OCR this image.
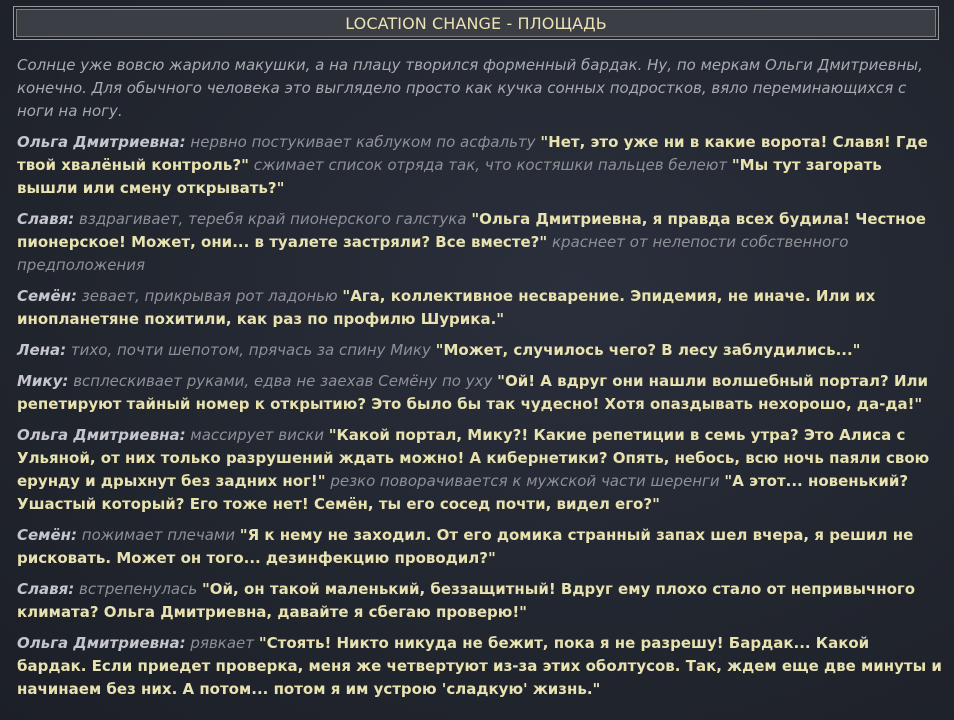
LOCATION CHANGE - ПЛОЩАДЬ

Солнце уже вовсю жарило макушки, а на плацу творился форменный бардак. Ну, по меркам Ольги Дмитриевны, конечно. Для обычного человека это выглядело просто как кучка сонных подростков, вяло переминающихся с ноги на ногу.

Ольга Дмитриевна: нервно постукивает каблуком по асфальту "Нет, это уже ни в какие ворота! Славя! Где твой хвалёный контроль?" сжимает список отряда так, что костяшки пальцев белеют "Мы тут загорать вышли или смену открывать?"

Славя: вздрагивает, теребя край пионерского галстука "Ольга Дмитриевна, я правда всех будила! Честное пионерское! Может, они... в туалете застряли? Все вместе?" краснеет от нелепости собственного предположения

Семён: зевает, прикрывая рот ладонью "Ага, коллективное несварение. Эпидемия, не иначе. Или их инопланетяне похитили, как раз по профилю Шурика."

Лена: тихо, почти шепотом, прячась за спину Мику "Может, случилось чего? В лесу заблудились..."

Мику: всплескивает руками, едва не заехав Семёну по уху "Ой! А вдруг они нашли волшебный портал? Или репетируют тайный номер к открытию? Это было бы так чудесно! Хотя опаздывать нехорошо, да-да!"

Ольга Дмитриевна: массирует виски "Какой портал, Мику?! Какие репетиции в семь утра? Это Алиса с Ульяной, от них только разрушений ждать можно! А кибернетики? Опять, небось, всю ночь паяли свою ерунду и дрыхнут без задних ног!" резко поворачивается к мужской части шеренги "А этот... новенький? Ушастый который? Его тоже нет! Семён, ты его сосед почти, видел его?"

Семён: пожимает плечами "Я к нему не заходил. От его домика странный запах шел вчера, я решил не рисковать. Может он того... дезинфекцию проводил?"

Славя: встрепенулась "Ой, он такой маленький, беззащитный! Вдруг ему плохо стало от непривычного климата? Ольга Дмитриевна, давайте я сбегаю проверю!"

Ольга Дмитриевна: рявкает "Стоять! Никто никуда не бежит, пока я не разрешу! Бардак... Какой бардак. Если приедет проверка, меня же четвертуют из-за этих оболтусов. Так, ждем еще две минуты и начинаем без них. А потом... потом я им устрою 'сладкую' жизнь."
